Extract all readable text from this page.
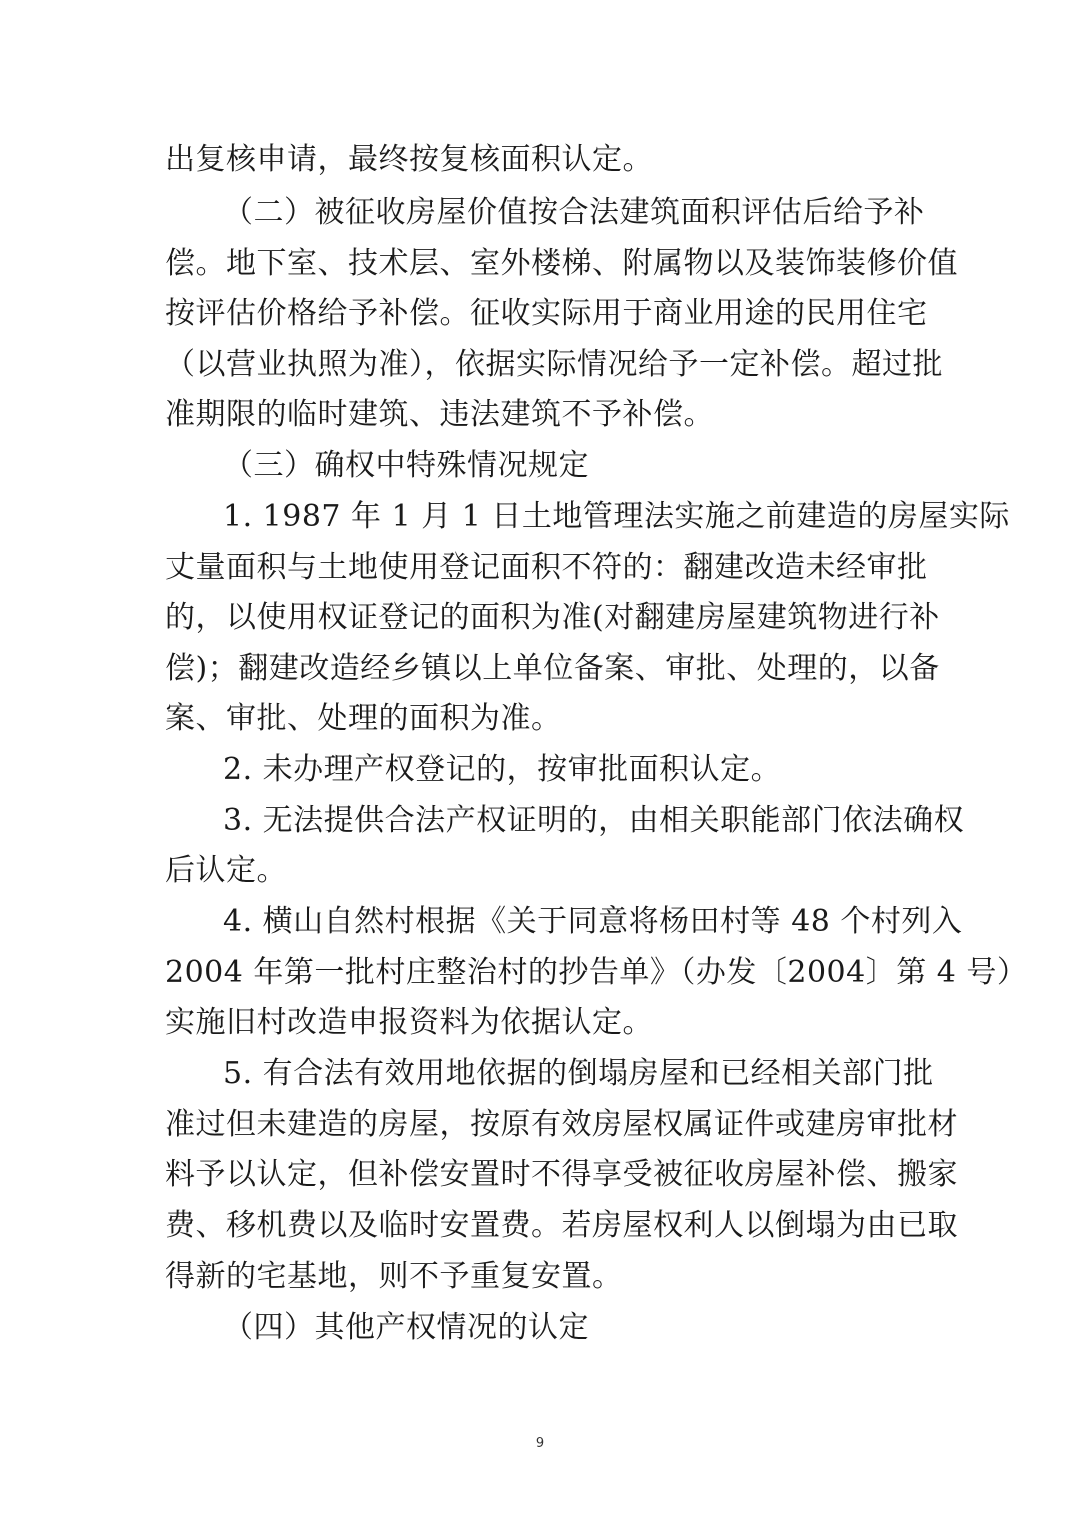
出复核申请，最终按复核面积认定。
（二）被征收房屋价值按合法建筑面积评估后给予补
偿。地下室、技术层、室外楼梯、附属物以及装饰装修价值
按评估价格给予补偿。征收实际用于商业用途的民用住宅
（以营业执照为准），依据实际情况给予一定补偿。超过批
准期限的临时建筑、违法建筑不予补偿。
（三）确权中特殊情况规定
1. 1987 年 1 月 1 日土地管理法实施之前建造的房屋实际
丈量面积与土地使用登记面积不符的：翻建改造未经审批
的，以使用权证登记的面积为准(对翻建房屋建筑物进行补
偿)；翻建改造经乡镇以上单位备案、审批、处理的，以备
案、审批、处理的面积为准。
2. 未办理产权登记的，按审批面积认定。
3. 无法提供合法产权证明的，由相关职能部门依法确权
后认定。
4. 横山自然村根据《关于同意将杨田村等 48 个村列入
2004 年第一批村庄整治村的抄告单》（办发〔2004〕第 4 号）
实施旧村改造申报资料为依据认定。
5. 有合法有效用地依据的倒塌房屋和已经相关部门批
准过但未建造的房屋，按原有效房屋权属证件或建房审批材
料予以认定，但补偿安置时不得享受被征收房屋补偿、搬家
费、移机费以及临时安置费。若房屋权利人以倒塌为由已取
得新的宅基地，则不予重复安置。
（四）其他产权情况的认定
9
